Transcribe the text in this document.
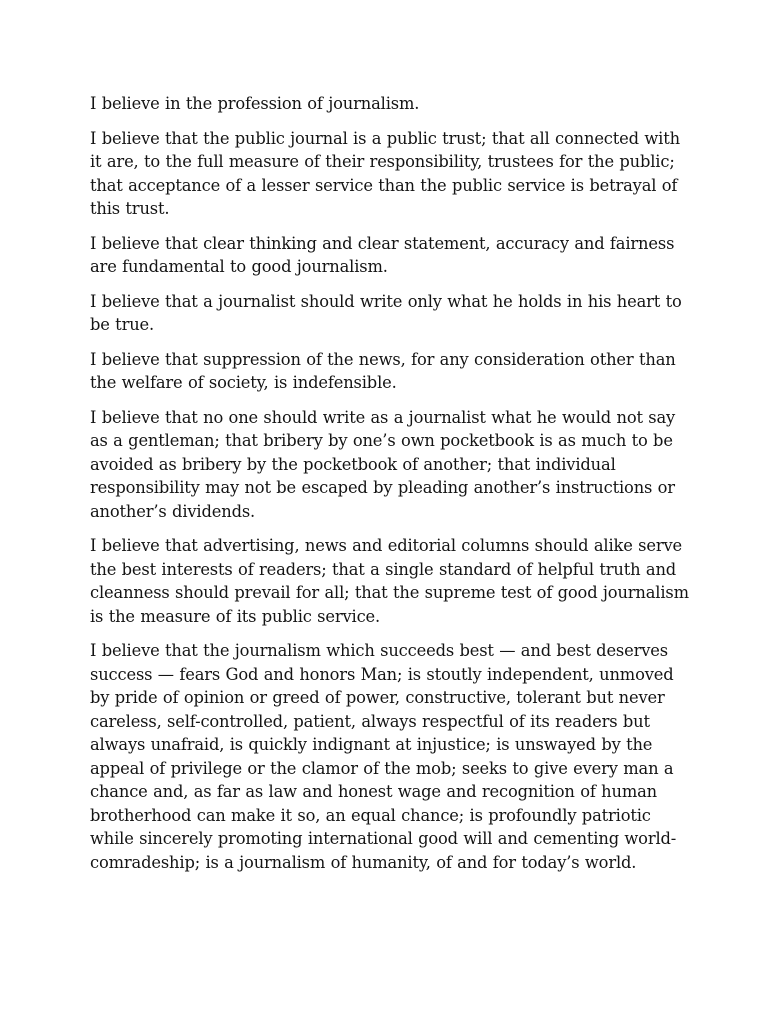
I believe in the profession of journalism.

I believe that the public journal is a public trust; that all connected with it are, to the full measure of their responsibility, trustees for the public; that acceptance of a lesser service than the public service is betrayal of this trust.

I believe that clear thinking and clear statement, accuracy and fairness are fundamental to good journalism.

I believe that a journalist should write only what he holds in his heart to be true.

I believe that suppression of the news, for any consideration other than the welfare of society, is indefensible.

I believe that no one should write as a journalist what he would not say as a gentleman; that bribery by one’s own pocketbook is as much to be avoided as bribery by the pocketbook of another; that individual responsibility may not be escaped by pleading another’s instructions or another’s dividends.

I believe that advertising, news and editorial columns should alike serve the best interests of readers; that a single standard of helpful truth and cleanness should prevail for all; that the supreme test of good journalism is the measure of its public service.

I believe that the journalism which succeeds best — and best deserves success — fears God and honors Man; is stoutly independent, unmoved by pride of opinion or greed of power, constructive, tolerant but never careless, self-controlled, patient, always respectful of its readers but always unafraid, is quickly indignant at injustice; is unswayed by the appeal of privilege or the clamor of the mob; seeks to give every man a chance and, as far as law and honest wage and recognition of human brotherhood can make it so, an equal chance; is profoundly patriotic while sincerely promoting international good will and cementing world-comradeship; is a journalism of humanity, of and for today’s world.
